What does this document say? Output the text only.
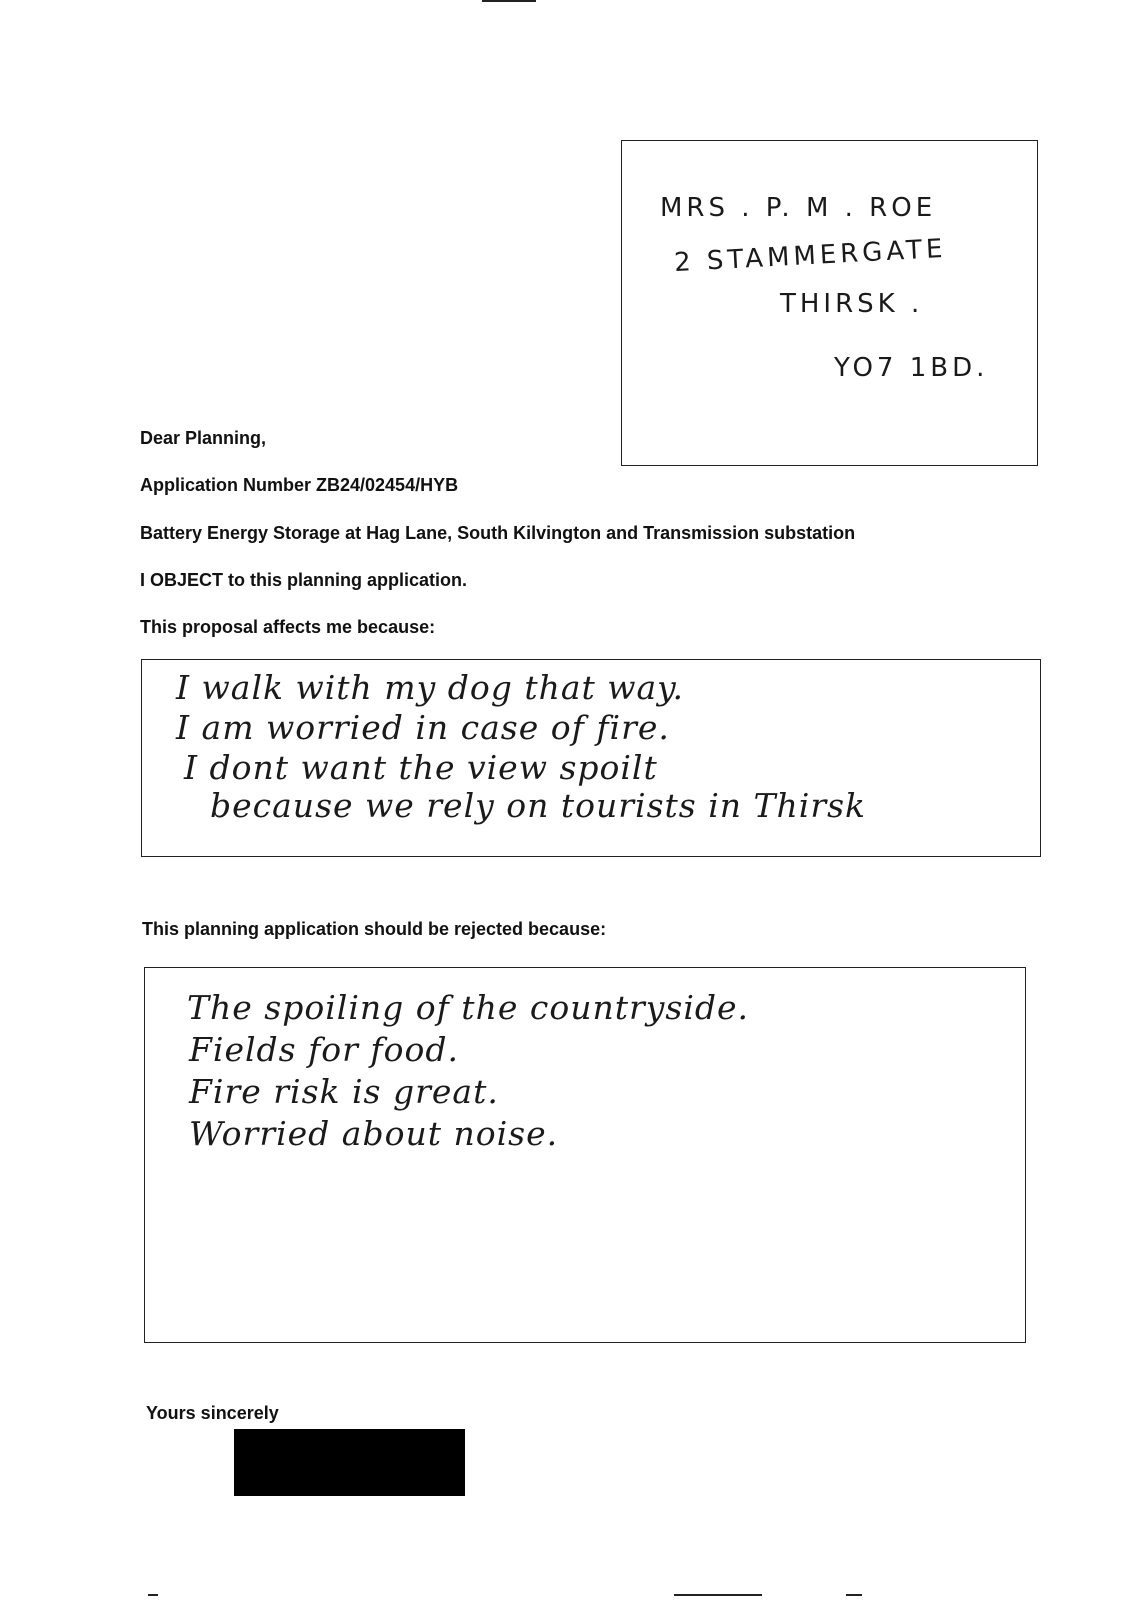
MRS . P. M . ROE
2 STAMMERGATE
THIRSK .
YO7 1BD.
Dear Planning,
Application Number ZB24/02454/HYB
Battery Energy Storage at Hag Lane, South Kilvington and Transmission substation
I OBJECT to this planning application.
This proposal affects me because:
I walk with my dog that way.
I am worried in case of fire.
I dont want the view spoilt
because we rely on tourists in Thirsk
This planning application should be rejected because:
The spoiling of the countryside.
Fields for food.
Fire risk is great.
Worried about noise.
Yours sincerely
